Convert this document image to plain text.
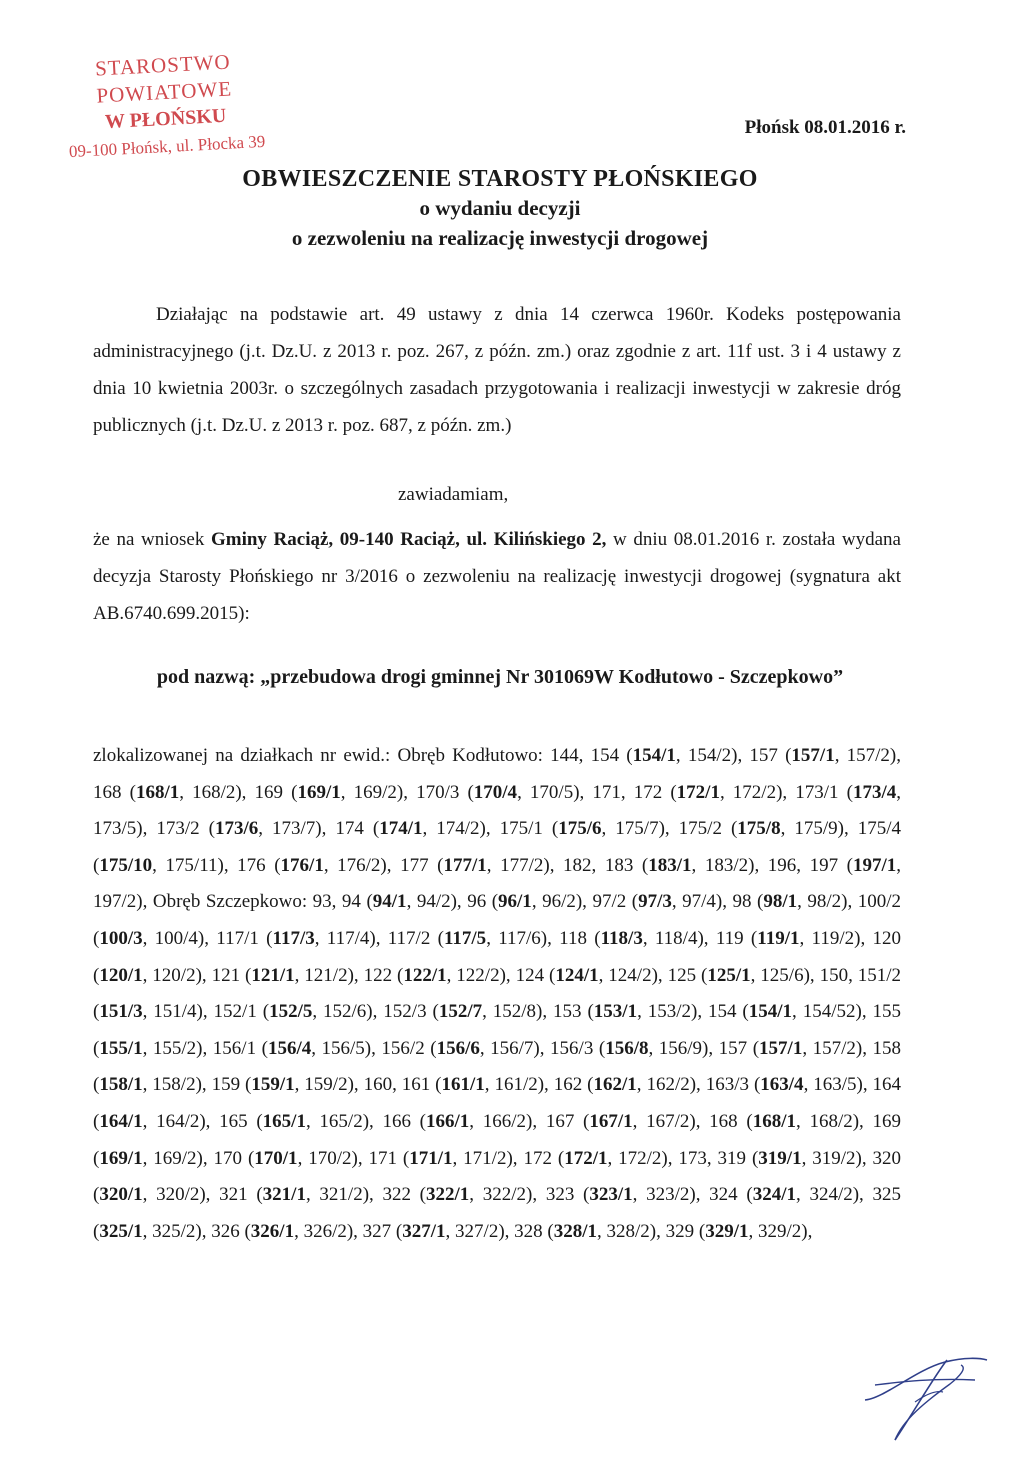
STAROSTWO POWIATOWE
W PŁOŃSKU
09-100 Płońsk, ul. Płocka 39
Płońsk 08.01.2016 r.
OBWIESZCZENIE STAROSTY PŁOŃSKIEGO
o wydaniu decyzji
o zezwoleniu na realizację inwestycji drogowej
Działając na podstawie art. 49 ustawy z dnia 14 czerwca 1960r. Kodeks postępowania administracyjnego (j.t. Dz.U. z 2013 r. poz. 267, z późn. zm.) oraz zgodnie z art. 11f ust. 3 i 4 ustawy z dnia 10 kwietnia 2003r. o szczególnych zasadach przygotowania i realizacji inwestycji w zakresie dróg publicznych (j.t. Dz.U. z 2013 r. poz. 687, z późn. zm.)
zawiadamiam,
że na wniosek Gminy Raciąż, 09-140 Raciąż, ul. Kilińskiego 2, w dniu 08.01.2016 r. została wydana decyzja Starosty Płońskiego nr 3/2016 o zezwoleniu na realizację inwestycji drogowej (sygnatura akt AB.6740.699.2015):
pod nazwą: „przebudowa drogi gminnej Nr 301069W Kodłutowo - Szczepkowo”
zlokalizowanej na działkach nr ewid.: Obręb Kodłutowo: 144, 154 (154/1, 154/2), 157 (157/1, 157/2), 168 (168/1, 168/2), 169 (169/1, 169/2), 170/3 (170/4, 170/5), 171, 172 (172/1, 172/2), 173/1 (173/4, 173/5), 173/2 (173/6, 173/7), 174 (174/1, 174/2), 175/1 (175/6, 175/7), 175/2 (175/8, 175/9), 175/4 (175/10, 175/11), 176 (176/1, 176/2), 177 (177/1, 177/2), 182, 183 (183/1, 183/2), 196, 197 (197/1, 197/2), Obręb Szczepkowo: 93, 94 (94/1, 94/2), 96 (96/1, 96/2), 97/2 (97/3, 97/4), 98 (98/1, 98/2), 100/2 (100/3, 100/4), 117/1 (117/3, 117/4), 117/2 (117/5, 117/6), 118 (118/3, 118/4), 119 (119/1, 119/2), 120 (120/1, 120/2), 121 (121/1, 121/2), 122 (122/1, 122/2), 124 (124/1, 124/2), 125 (125/1, 125/6), 150, 151/2 (151/3, 151/4), 152/1 (152/5, 152/6), 152/3 (152/7, 152/8), 153 (153/1, 153/2), 154 (154/1, 154/52), 155 (155/1, 155/2), 156/1 (156/4, 156/5), 156/2 (156/6, 156/7), 156/3 (156/8, 156/9), 157 (157/1, 157/2), 158 (158/1, 158/2), 159 (159/1, 159/2), 160, 161 (161/1, 161/2), 162 (162/1, 162/2), 163/3 (163/4, 163/5), 164 (164/1, 164/2), 165 (165/1, 165/2), 166 (166/1, 166/2), 167 (167/1, 167/2), 168 (168/1, 168/2), 169 (169/1, 169/2), 170 (170/1, 170/2), 171 (171/1, 171/2), 172 (172/1, 172/2), 173, 319 (319/1, 319/2), 320 (320/1, 320/2), 321 (321/1, 321/2), 322 (322/1, 322/2), 323 (323/1, 323/2), 324 (324/1, 324/2), 325 (325/1, 325/2), 326 (326/1, 326/2), 327 (327/1, 327/2), 328 (328/1, 328/2), 329 (329/1, 329/2),
